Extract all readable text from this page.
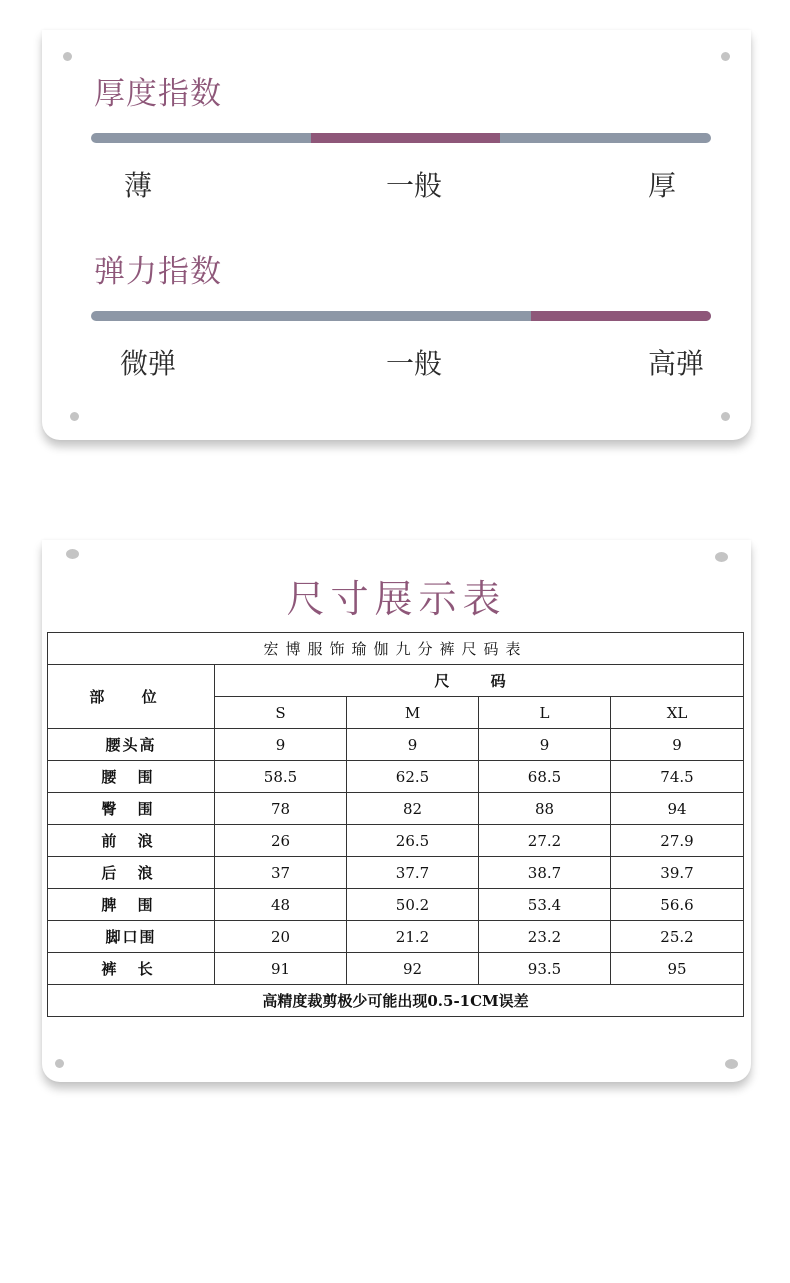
厚度指数
薄	一般	厚
弹力指数
微弹	一般	高弹
尺寸展示表
宏博服饰瑜伽九分裤尺码表				
部 位	尺 码			
	S	M	L	XL
腰头高	9	9	9	9
腰 围	58.5	62.5	68.5	74.5
臀 围	78	82	88	94
前 浪	26	26.5	27.2	27.9
后 浪	37	37.7	38.7	39.7
脾 围	48	50.2	53.4	56.6
脚口围	20	21.2	23.2	25.2
裤 长	91	92	93.5	95
高精度裁剪极少可能出现0.5-1CM误差				
